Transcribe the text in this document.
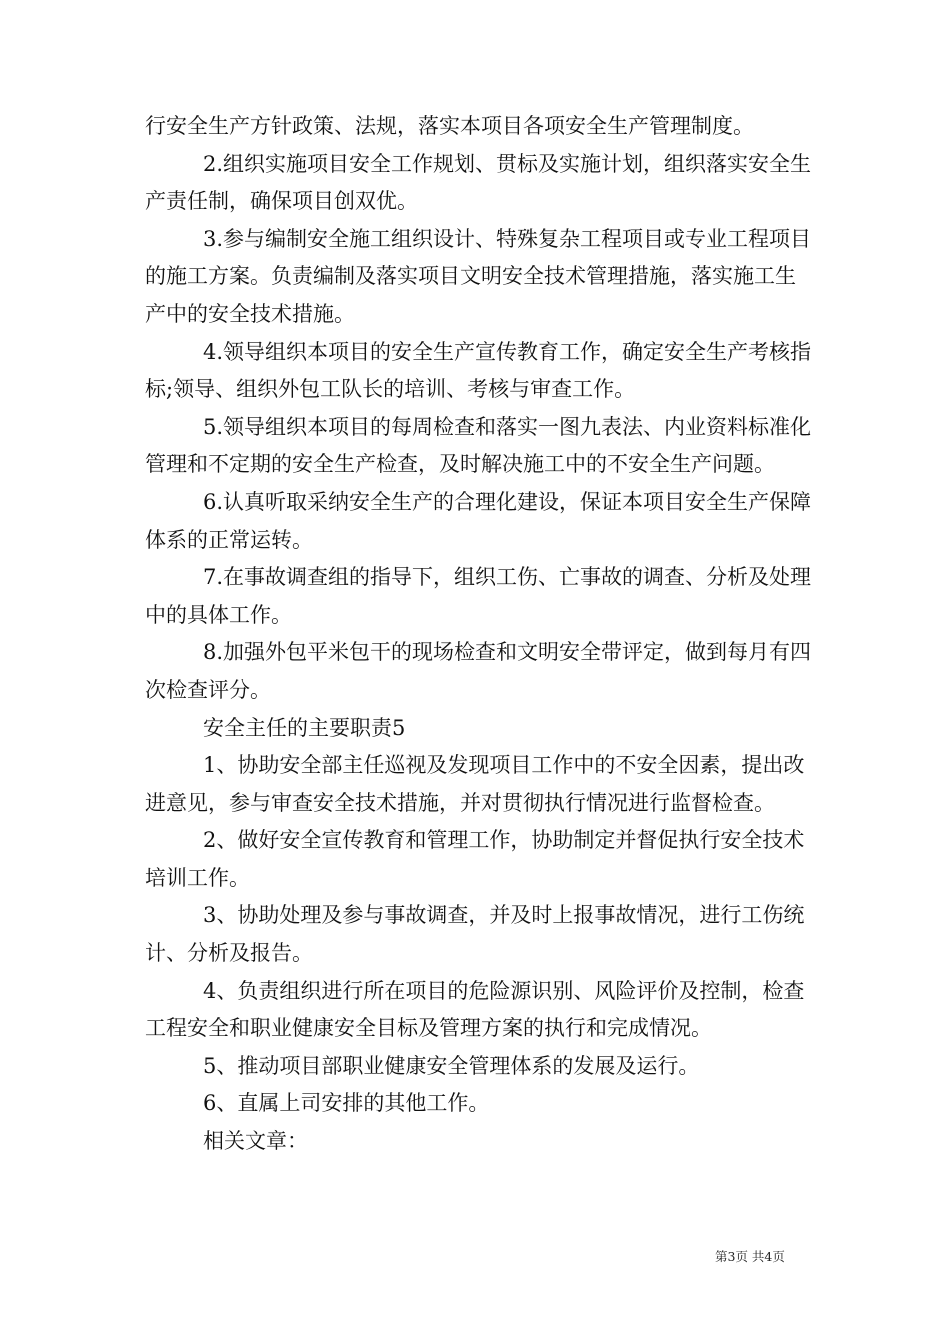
行安全生产方针政策、法规，落实本项目各项安全生产管理制度。

2.组织实施项目安全工作规划、贯标及实施计划，组织落实安全生产责任制，确保项目创双优。

3.参与编制安全施工组织设计、特殊复杂工程项目或专业工程项目的施工方案。负责编制及落实项目文明安全技术管理措施，落实施工生产中的安全技术措施。

4.领导组织本项目的安全生产宣传教育工作，确定安全生产考核指标;领导、组织外包工队长的培训、考核与审查工作。

5.领导组织本项目的每周检查和落实一图九表法、内业资料标准化管理和不定期的安全生产检查，及时解决施工中的不安全生产问题。

6.认真听取采纳安全生产的合理化建设，保证本项目安全生产保障体系的正常运转。

7.在事故调查组的指导下，组织工伤、亡事故的调查、分析及处理中的具体工作。

8.加强外包平米包干的现场检查和文明安全带评定，做到每月有四次检查评分。

安全主任的主要职责5

1、协助安全部主任巡视及发现项目工作中的不安全因素，提出改进意见，参与审查安全技术措施，并对贯彻执行情况进行监督检查。

2、做好安全宣传教育和管理工作，协助制定并督促执行安全技术培训工作。

3、协助处理及参与事故调查，并及时上报事故情况，进行工伤统计、分析及报告。

4、负责组织进行所在项目的危险源识别、风险评价及控制，检查工程安全和职业健康安全目标及管理方案的执行和完成情况。

5、推动项目部职业健康安全管理体系的发展及运行。

6、直属上司安排的其他工作。

相关文章：

第3页 共4页
